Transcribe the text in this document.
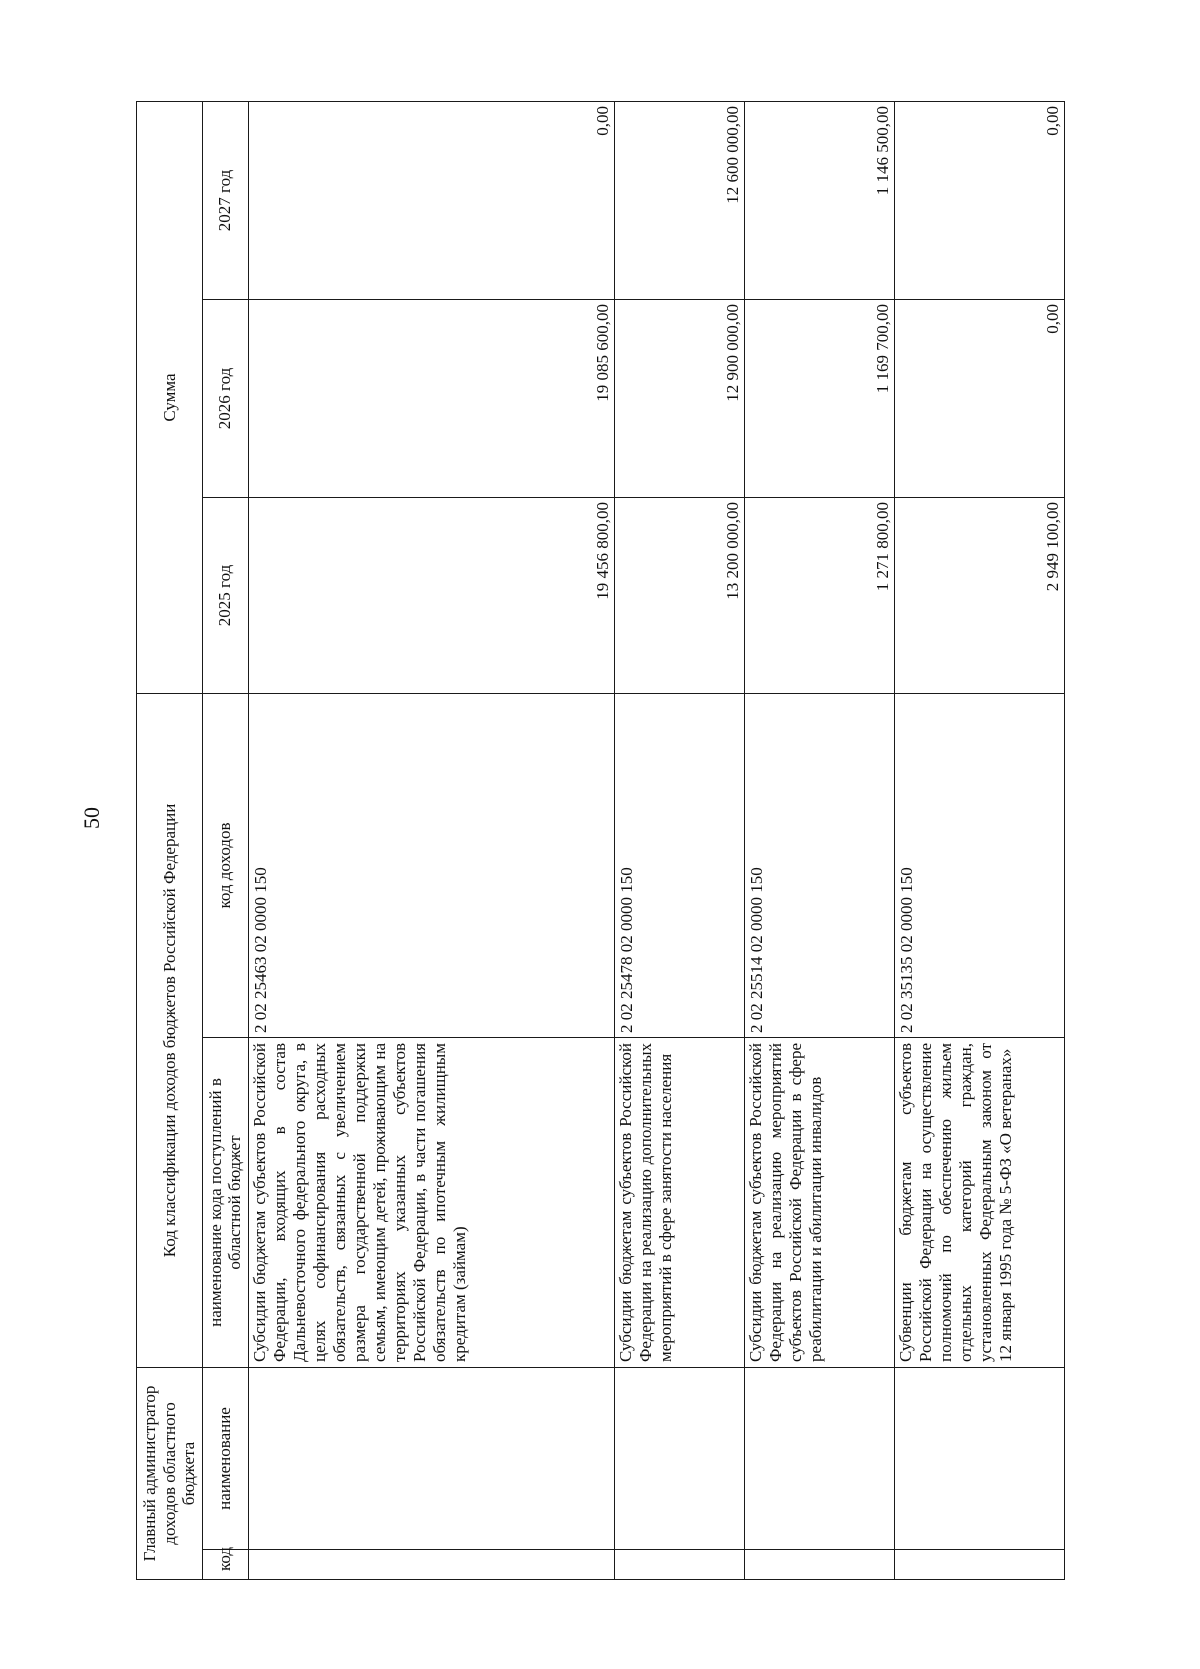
50
Главный администратор доходов областного бюджета		Код классификации доходов бюджетов Российской Федерации		Сумма		
код	наименование	наименование кода поступлений в областной бюджет	код доходов	2025 год	2026 год	2027 год
		Субсидии бюджетам субъектов Российской Федерации, входящих в состав Дальневосточного федерального округа, в целях софинансирования расходных обязательств, связанных с увеличением размера государственной поддержки семьям, имеющим детей, проживающим на территориях указанных субъектов Российской Федерации, в части погашения обязательств по ипотечным жилищным кредитам (займам)	2 02 25463 02 0000 150	19 456 800,00	19 085 600,00	0,00
		Субсидии бюджетам субъектов Российской Федерации на реализацию дополнительных мероприятий в сфере занятости населения	2 02 25478 02 0000 150	13 200 000,00	12 900 000,00	12 600 000,00
		Субсидии бюджетам субъектов Российской Федерации на реализацию мероприятий субъектов Российской Федерации в сфере реабилитации и абилитации инвалидов	2 02 25514 02 0000 150	1 271 800,00	1 169 700,00	1 146 500,00
		Субвенции бюджетам субъектов Российской Федерации на осуществление полномочий по обеспечению жильем отдельных категорий граждан, установленных Федеральным законом от 12 января 1995 года № 5-ФЗ «О ветеранах»	2 02 35135 02 0000 150	2 949 100,00	0,00	0,00
